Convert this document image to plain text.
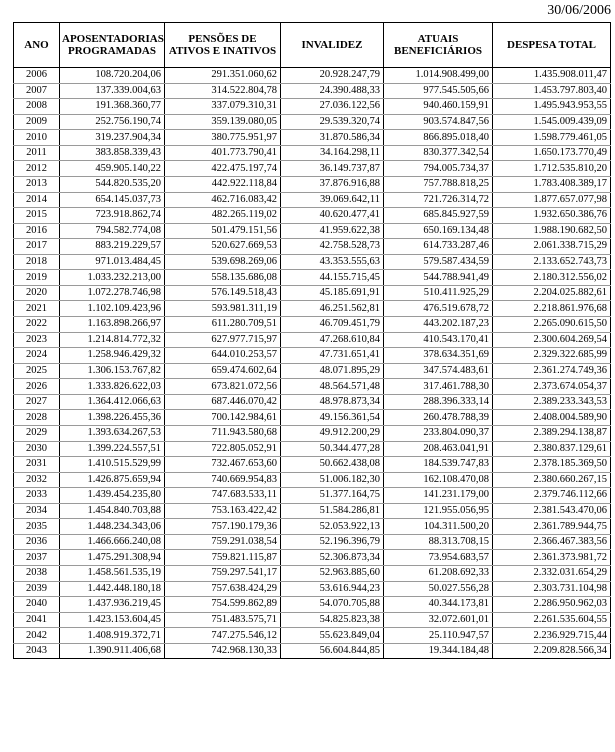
30/06/2006
ANO	APOSENTADORIAS PROGRAMADAS	PENSÕES DE ATIVOS E INATIVOS	INVALIDEZ	ATUAIS BENEFICIÁRIOS	DESPESA TOTAL
2006	108.720.204,06	291.351.060,62	20.928.247,79	1.014.908.499,00	1.435.908.011,47
2007	137.339.004,63	314.522.804,78	24.390.488,33	977.545.505,66	1.453.797.803,40
2008	191.368.360,77	337.079.310,31	27.036.122,56	940.460.159,91	1.495.943.953,55
2009	252.756.190,74	359.139.080,05	29.539.320,74	903.574.847,56	1.545.009.439,09
2010	319.237.904,34	380.775.951,97	31.870.586,34	866.895.018,40	1.598.779.461,05
2011	383.858.339,43	401.773.790,41	34.164.298,11	830.377.342,54	1.650.173.770,49
2012	459.905.140,22	422.475.197,74	36.149.737,87	794.005.734,37	1.712.535.810,20
2013	544.820.535,20	442.922.118,84	37.876.916,88	757.788.818,25	1.783.408.389,17
2014	654.145.037,73	462.716.083,42	39.069.642,11	721.726.314,72	1.877.657.077,98
2015	723.918.862,74	482.265.119,02	40.620.477,41	685.845.927,59	1.932.650.386,76
2016	794.582.774,08	501.479.151,56	41.959.622,38	650.169.134,48	1.988.190.682,50
2017	883.219.229,57	520.627.669,53	42.758.528,73	614.733.287,46	2.061.338.715,29
2018	971.013.484,45	539.698.269,06	43.353.555,63	579.587.434,59	2.133.652.743,73
2019	1.033.232.213,00	558.135.686,08	44.155.715,45	544.788.941,49	2.180.312.556,02
2020	1.072.278.746,98	576.149.518,43	45.185.691,91	510.411.925,29	2.204.025.882,61
2021	1.102.109.423,96	593.981.311,19	46.251.562,81	476.519.678,72	2.218.861.976,68
2022	1.163.898.266,97	611.280.709,51	46.709.451,79	443.202.187,23	2.265.090.615,50
2023	1.214.814.772,32	627.977.715,97	47.268.610,84	410.543.170,41	2.300.604.269,54
2024	1.258.946.429,32	644.010.253,57	47.731.651,41	378.634.351,69	2.329.322.685,99
2025	1.306.153.767,82	659.474.602,64	48.071.895,29	347.574.483,61	2.361.274.749,36
2026	1.333.826.622,03	673.821.072,56	48.564.571,48	317.461.788,30	2.373.674.054,37
2027	1.364.412.066,63	687.446.070,42	48.978.873,34	288.396.333,14	2.389.233.343,53
2028	1.398.226.455,36	700.142.984,61	49.156.361,54	260.478.788,39	2.408.004.589,90
2029	1.393.634.267,53	711.943.580,68	49.912.200,29	233.804.090,37	2.389.294.138,87
2030	1.399.224.557,51	722.805.052,91	50.344.477,28	208.463.041,91	2.380.837.129,61
2031	1.410.515.529,99	732.467.653,60	50.662.438,08	184.539.747,83	2.378.185.369,50
2032	1.426.875.659,94	740.669.954,83	51.006.182,30	162.108.470,08	2.380.660.267,15
2033	1.439.454.235,80	747.683.533,11	51.377.164,75	141.231.179,00	2.379.746.112,66
2034	1.454.840.703,88	753.163.422,42	51.584.286,81	121.955.056,95	2.381.543.470,06
2035	1.448.234.343,06	757.190.179,36	52.053.922,13	104.311.500,20	2.361.789.944,75
2036	1.466.666.240,08	759.291.038,54	52.196.396,79	88.313.708,15	2.366.467.383,56
2037	1.475.291.308,94	759.821.115,87	52.306.873,34	73.954.683,57	2.361.373.981,72
2038	1.458.561.535,19	759.297.541,17	52.963.885,60	61.208.692,33	2.332.031.654,29
2039	1.442.448.180,18	757.638.424,29	53.616.944,23	50.027.556,28	2.303.731.104,98
2040	1.437.936.219,45	754.599.862,89	54.070.705,88	40.344.173,81	2.286.950.962,03
2041	1.423.153.604,45	751.483.575,71	54.825.823,38	32.072.601,01	2.261.535.604,55
2042	1.408.919.372,71	747.275.546,12	55.623.849,04	25.110.947,57	2.236.929.715,44
2043	1.390.911.406,68	742.968.130,33	56.604.844,85	19.344.184,48	2.209.828.566,34
